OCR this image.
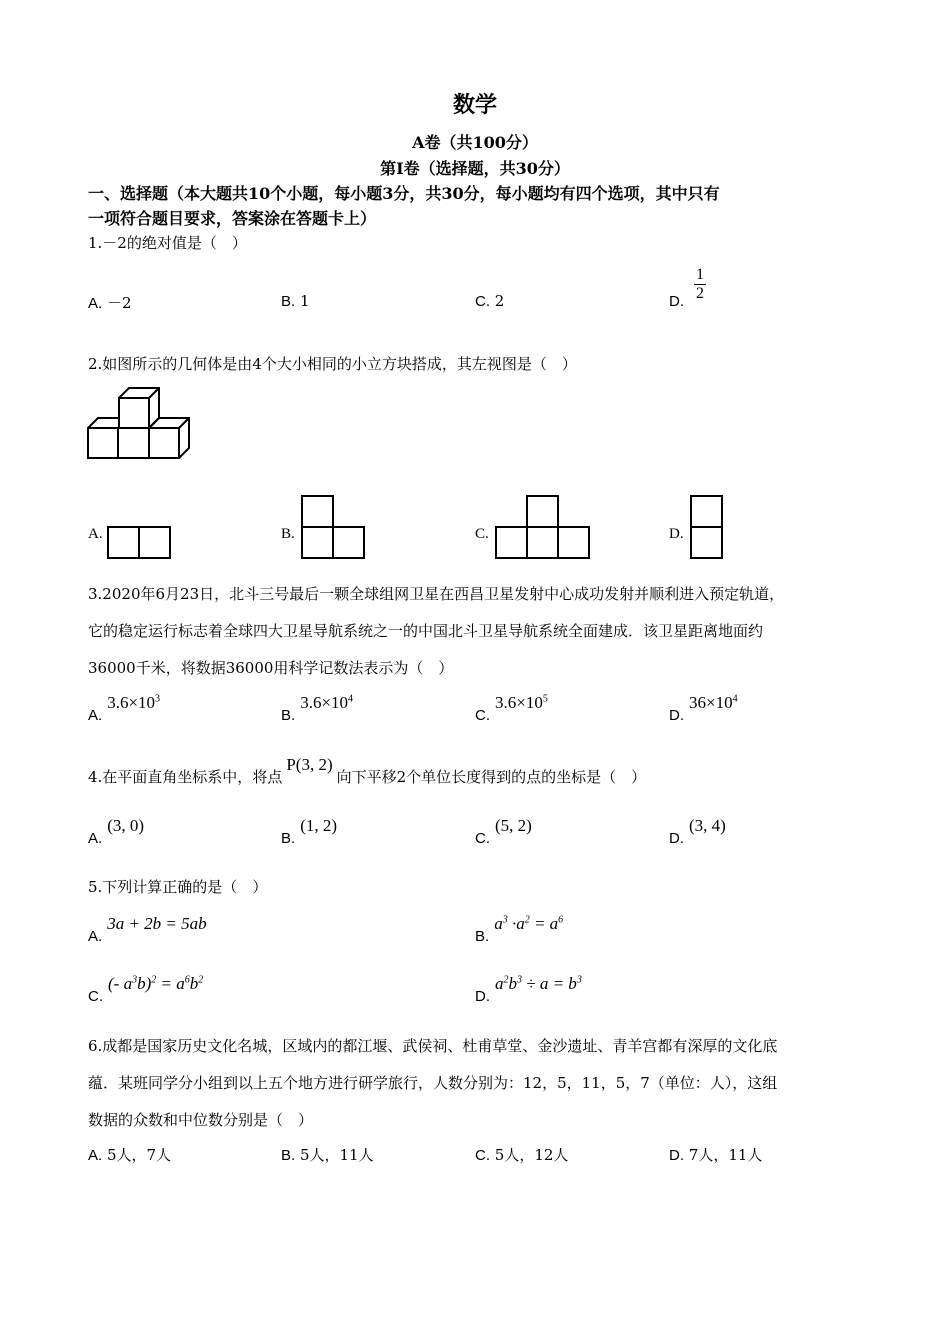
数学
A卷（共100分）
第Ⅰ卷（选择题，共30分）
一、选择题（本大题共10个小题，每小题3分，共30分，每小题均有四个选项，其中只有
一项符合题目要求，答案涂在答题卡上）
1.－2的绝对值是（　）
A. －2	B. 1	C. 2	D. $\frac{1}{2}$
2.如图所示的几何体是由4个大小相同的小立方块搭成，其左视图是（　）
A.	B.	C.	D.
3.2020年6月23日，北斗三号最后一颗全球组网卫星在西昌卫星发射中心成功发射并顺利进入预定轨道，
它的稳定运行标志着全球四大卫星导航系统之一的中国北斗卫星导航系统全面建成．该卫星距离地面约
36000千米，将数据36000用科学记数法表示为（　）
$A.3.6\times 10^3$
$B.3.6\times 10^4$
$C.3.6\times 10^5$
$D.36\times 10^4$
4.在平面直角坐标系中，将点P(3, 2)向下平移2个单位长度得到的点的坐标是（　）
A.(3, 0)
B.(1, 2)
C.(5, 2)
D.(3, 4)
5.下列计算正确的是（　）
A.3a + 2b = 5ab
$B.a^3 \cdot a^2 = a^6$
C.(- $a^3b)^2 = a^6b^2$
$D.a^2b^3 \div a = b^3$
6.成都是国家历史文化名城，区域内的都江堰、武侯祠、杜甫草堂、金沙遗址、青羊宫都有深厚的文化底
蕴．某班同学分小组到以上五个地方进行研学旅行，人数分别为：12，5，11，5，7（单位：人），这组
数据的众数和中位数分别是（　）
A. 5人，7人	B. 5人，11人	C. 5人，12人	D. 7人，11人
